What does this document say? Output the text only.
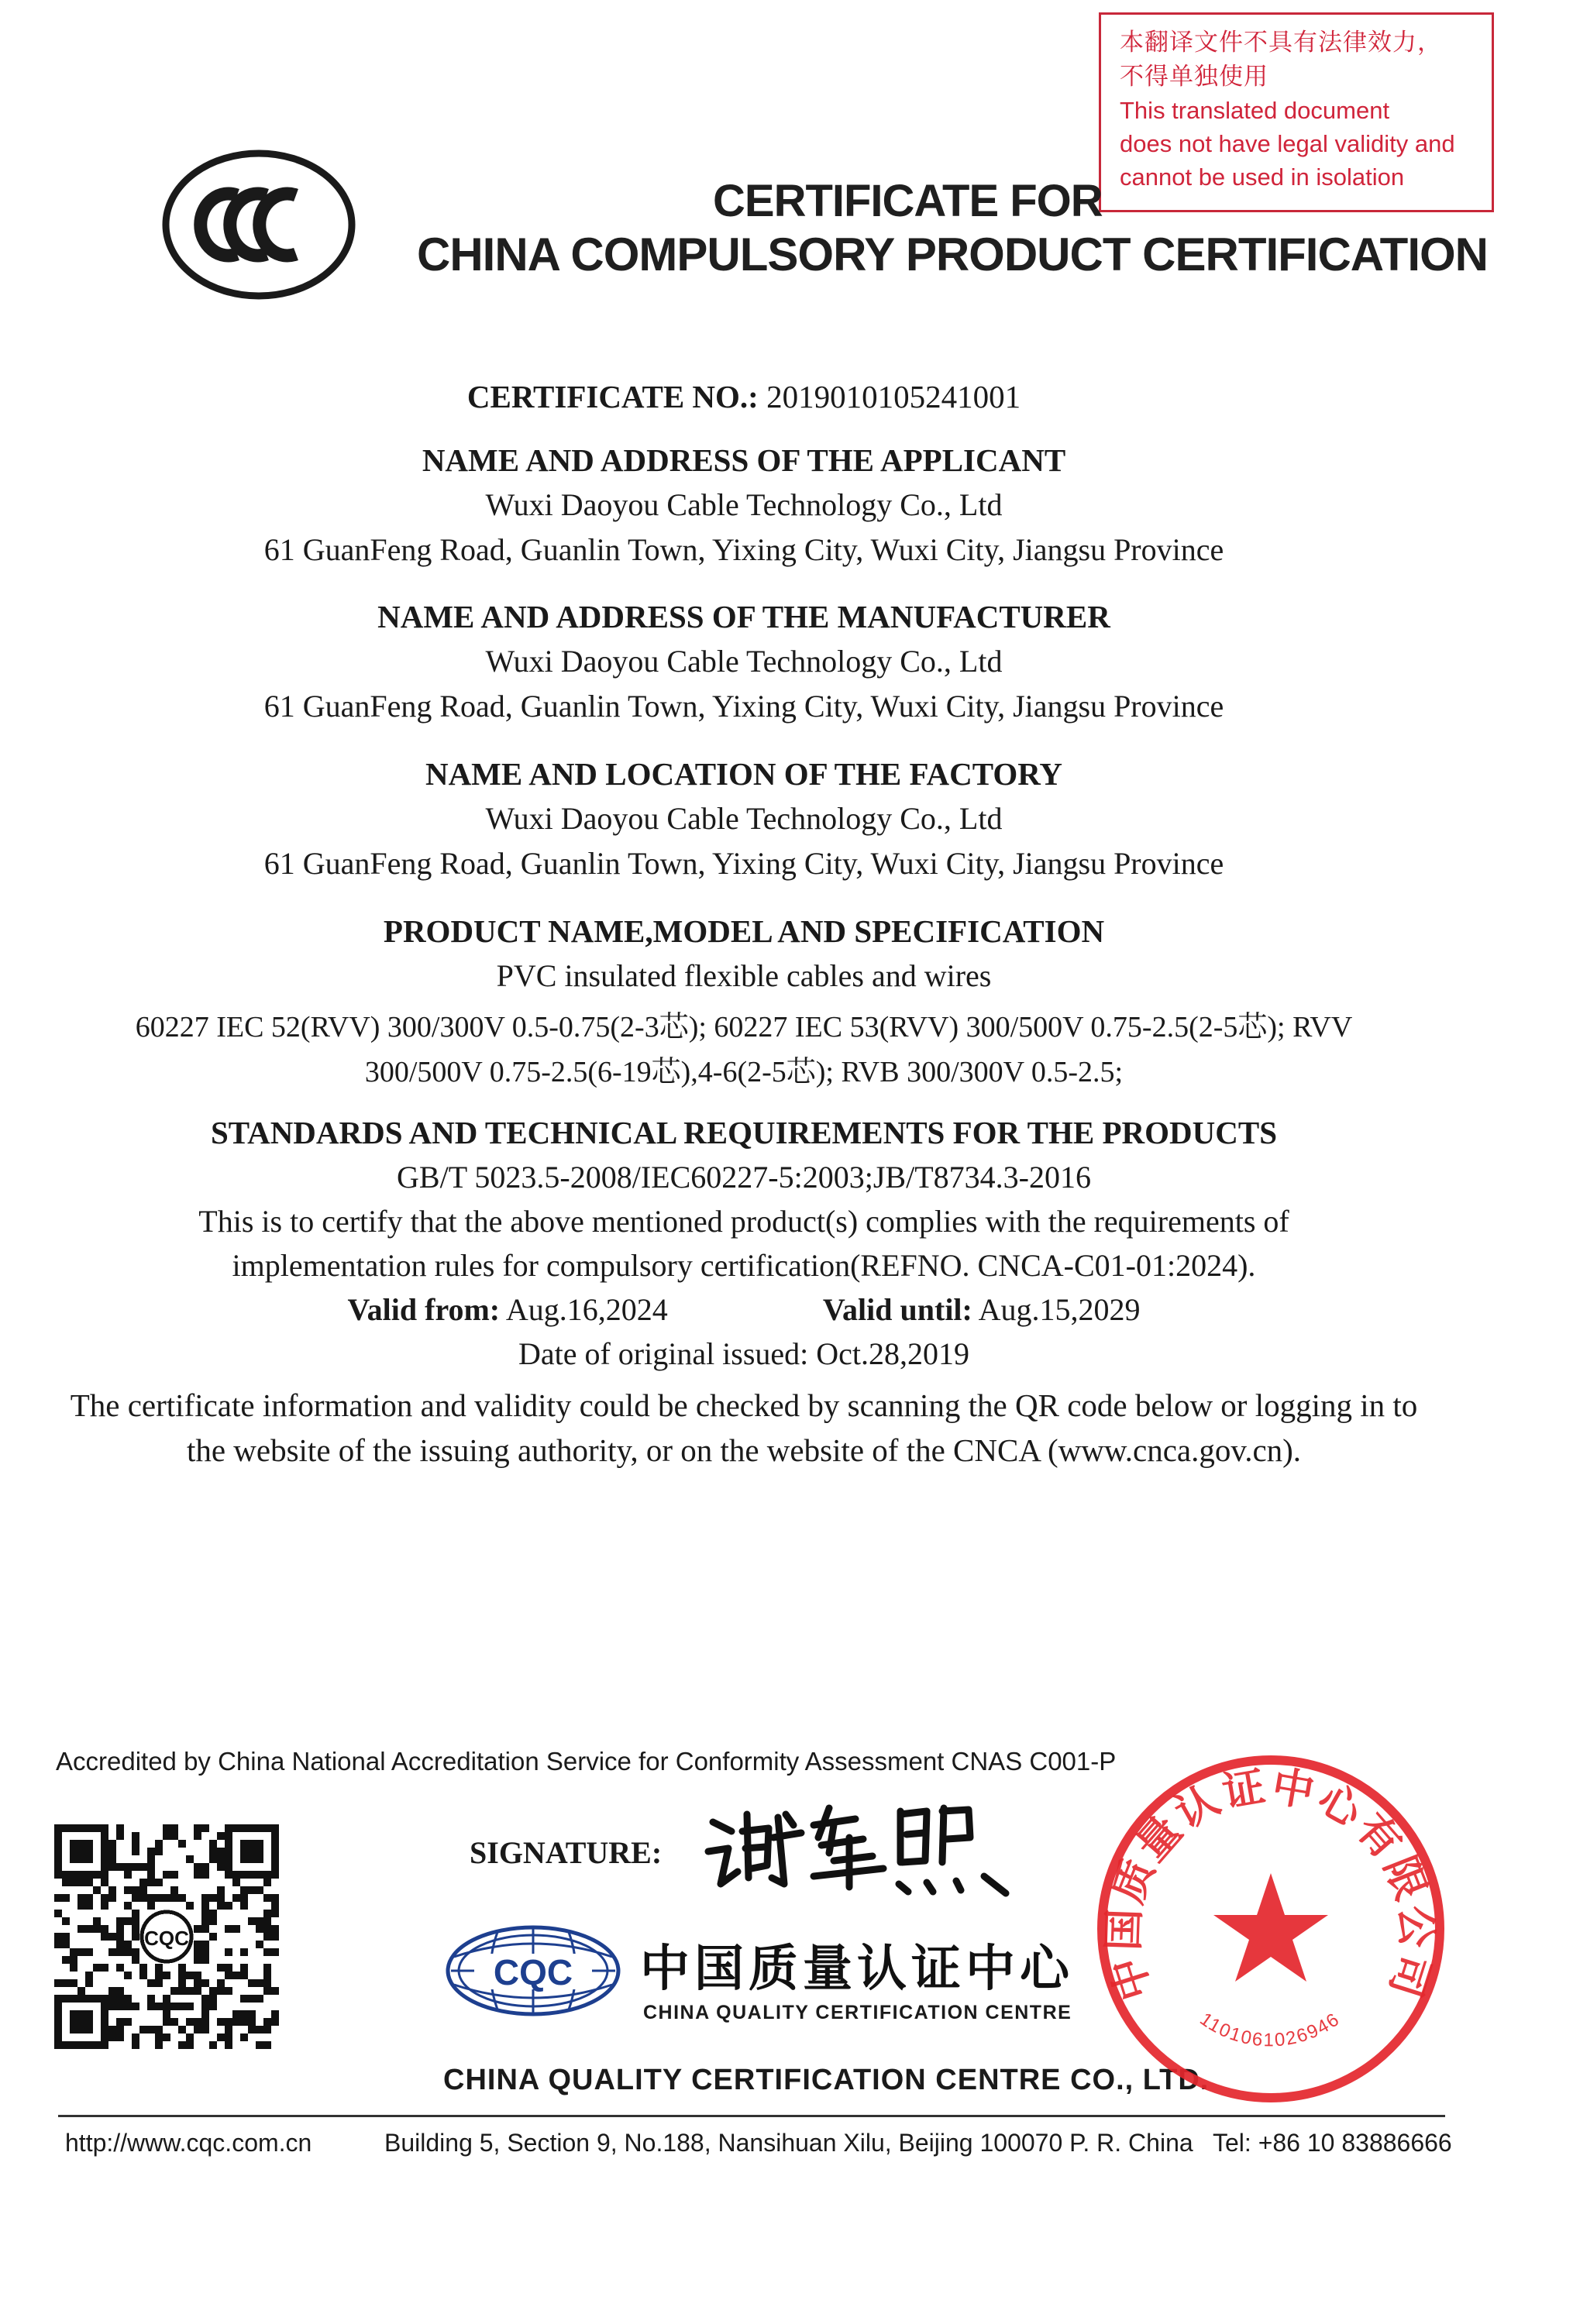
本翻译文件不具有法律效力，
不得单独使用
This translated document
does not have legal validity and
cannot be used in isolation
CERTIFICATE FOR
CHINA COMPULSORY PRODUCT CERTIFICATION
CERTIFICATE NO.: 2019010105241001
NAME AND ADDRESS OF THE APPLICANT
Wuxi Daoyou Cable Technology Co., Ltd
61 GuanFeng Road, Guanlin Town, Yixing City, Wuxi City, Jiangsu Province
NAME AND ADDRESS OF THE MANUFACTURER
Wuxi Daoyou Cable Technology Co., Ltd
61 GuanFeng Road, Guanlin Town, Yixing City, Wuxi City, Jiangsu Province
NAME AND LOCATION OF THE FACTORY
Wuxi Daoyou Cable Technology Co., Ltd
61 GuanFeng Road, Guanlin Town, Yixing City, Wuxi City, Jiangsu Province
PRODUCT NAME,MODEL AND SPECIFICATION
PVC insulated flexible cables and wires
60227 IEC 52(RVV) 300/300V 0.5-0.75(2-3芯); 60227 IEC 53(RVV) 300/500V 0.75-2.5(2-5芯); RVV
300/500V 0.75-2.5(6-19芯),4-6(2-5芯); RVB 300/300V 0.5-2.5;
STANDARDS AND TECHNICAL REQUIREMENTS FOR THE PRODUCTS
GB/T 5023.5-2008/IEC60227-5:2003;JB/T8734.3-2016
This is to certify that the above mentioned product(s) complies with the requirements of
implementation rules for compulsory certification(REFNO. CNCA-C01-01:2024).
Valid from: Aug.16,2024	Valid until: Aug.15,2029
Date of original issued: Oct.28,2019
The certificate information and validity could be checked by scanning the QR code below or logging in to
the website of the issuing authority, or on the website of the CNCA (www.cnca.gov.cn).
Accredited by China National Accreditation Service for Conformity Assessment CNAS C001-P
CQC
SIGNATURE:
CQC 中国质量认证中心
CHINA QUALITY CERTIFICATION CENTRE
CHINA QUALITY CERTIFICATION CENTRE CO., LTD.
中国质量认证中心有限公司
1101061026946
http://www.cqc.com.cn	Building 5, Section 9, No.188, Nansihuan Xilu, Beijing 100070 P. R. China Tel: +86 10 83886666
